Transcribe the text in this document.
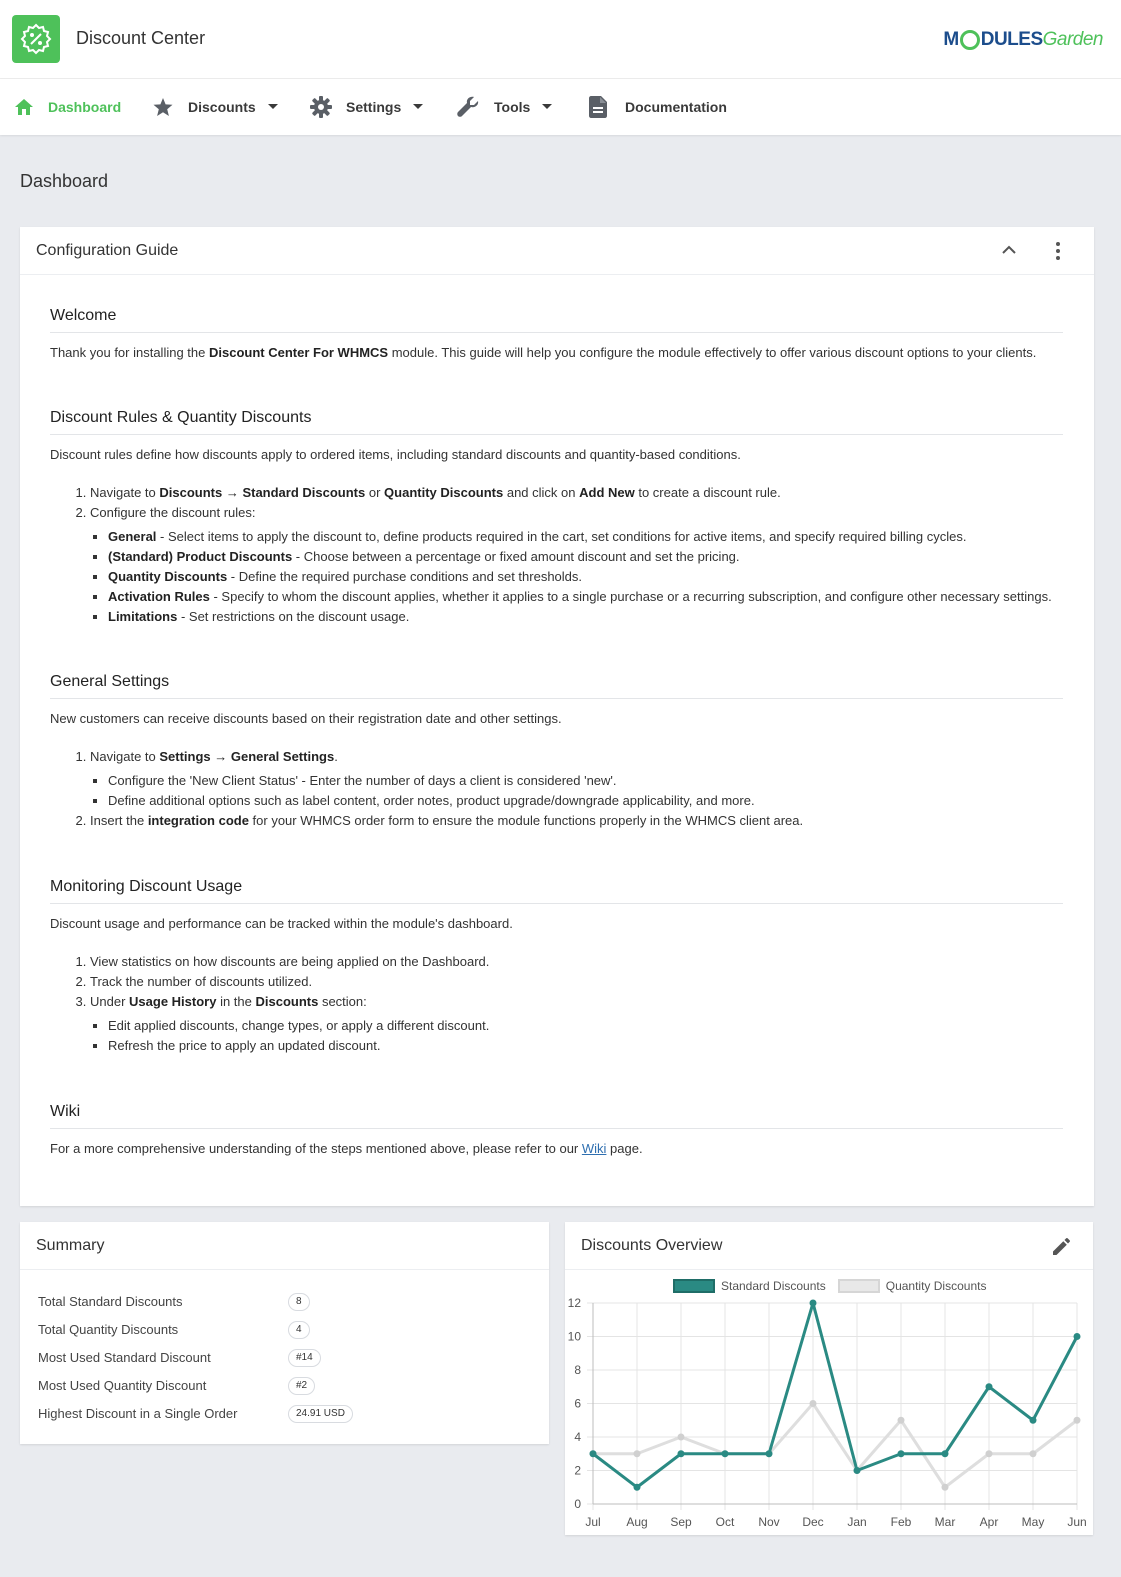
Discount Center	M DULES Garden
Dashboard	Discounts	Settings	Tools	Documentation
Dashboard
Configuration Guide
Welcome

Thank you for installing the Discount Center For WHMCS module. This guide will help you configure the module effectively to offer various discount options to your clients.

Discount Rules & Quantity Discounts

Discount rules define how discounts apply to ordered items, including standard discounts and quantity-based conditions.

1. Navigate to Discounts → Standard Discounts or Quantity Discounts and click on Add New to create a discount rule.
2. Configure the discount rules:
▪ General - Select items to apply the discount to, define products required in the cart, set conditions for active items, and specify required billing cycles.
▪ (Standard) Product Discounts - Choose between a percentage or fixed amount discount and set the pricing.
▪ Quantity Discounts - Define the required purchase conditions and set thresholds.
▪ Activation Rules - Specify to whom the discount applies, whether it applies to a single purchase or a recurring subscription, and configure other necessary settings.
▪ Limitations - Set restrictions on the discount usage.
General Settings

New customers can receive discounts based on their registration date and other settings.

1. Navigate to Settings → General Settings.
▪ Configure the 'New Client Status' - Enter the number of days a client is considered 'new'.
▪ Define additional options such as label content, order notes, product upgrade/downgrade applicability, and more.
2. Insert the integration code for your WHMCS order form to ensure the module functions properly in the WHMCS client area.
Monitoring Discount Usage

Discount usage and performance can be tracked within the module's dashboard.

1. View statistics on how discounts are being applied on the Dashboard.
2. Track the number of discounts utilized.
3. Under Usage History in the Discounts section:
▪ Edit applied discounts, change types, or apply a different discount.
▪ Refresh the price to apply an updated discount.
Wiki

For a more comprehensive understanding of the steps mentioned above, please refer to our Wiki page.

Summary
Total Standard Discounts	8
Total Quantity Discounts	4
Most Used Standard Discount	#14
Most Used Quantity Discount	#2
Highest Discount in a Single Order	24.91 USD
Discounts Overview
Standard Discounts	Quantity Discounts
0
2
4
6
8
10
12
Jul Aug Sep Oct Nov Dec Jan Feb Mar Apr May Jun
